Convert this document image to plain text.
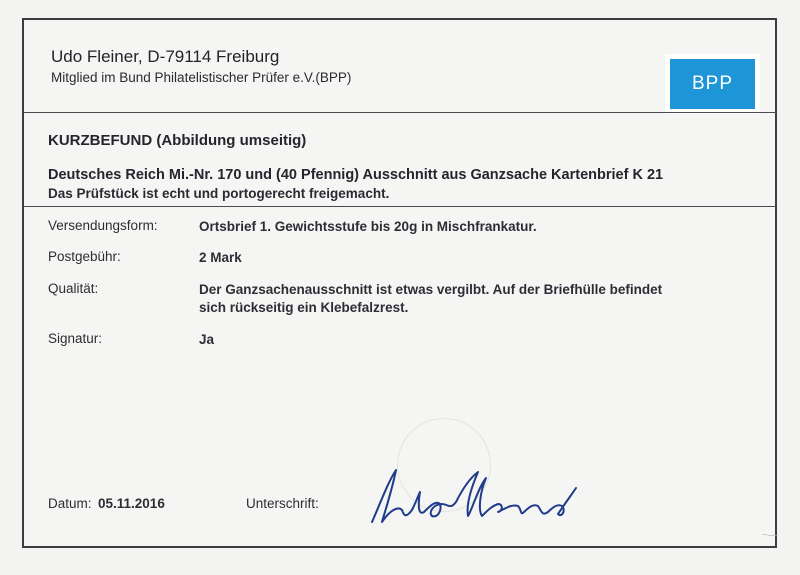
Udo Fleiner, D-79114 Freiburg
Mitglied im Bund Philatelistischer Prüfer e.V.(BPP)	BPP
KURZBEFUND (Abbildung umseitig)
Deutsches Reich Mi.-Nr. 170 und (40 Pfennig) Ausschnitt aus Ganzsache Kartenbrief K 21
Das Prüfstück ist echt und portogerecht freigemacht.
Versendungsform:	Ortsbrief 1. Gewichtsstufe bis 20g in Mischfrankatur.
Postgebühr:	2 Mark
Qualität:	Der Ganzsachenausschnitt ist etwas vergilbt. Auf der Briefhülle befindet
sich rückseitig ein Klebefalzrest.
Signatur:	Ja
Datum: 05.11.2016	Unterschrift:
~—
